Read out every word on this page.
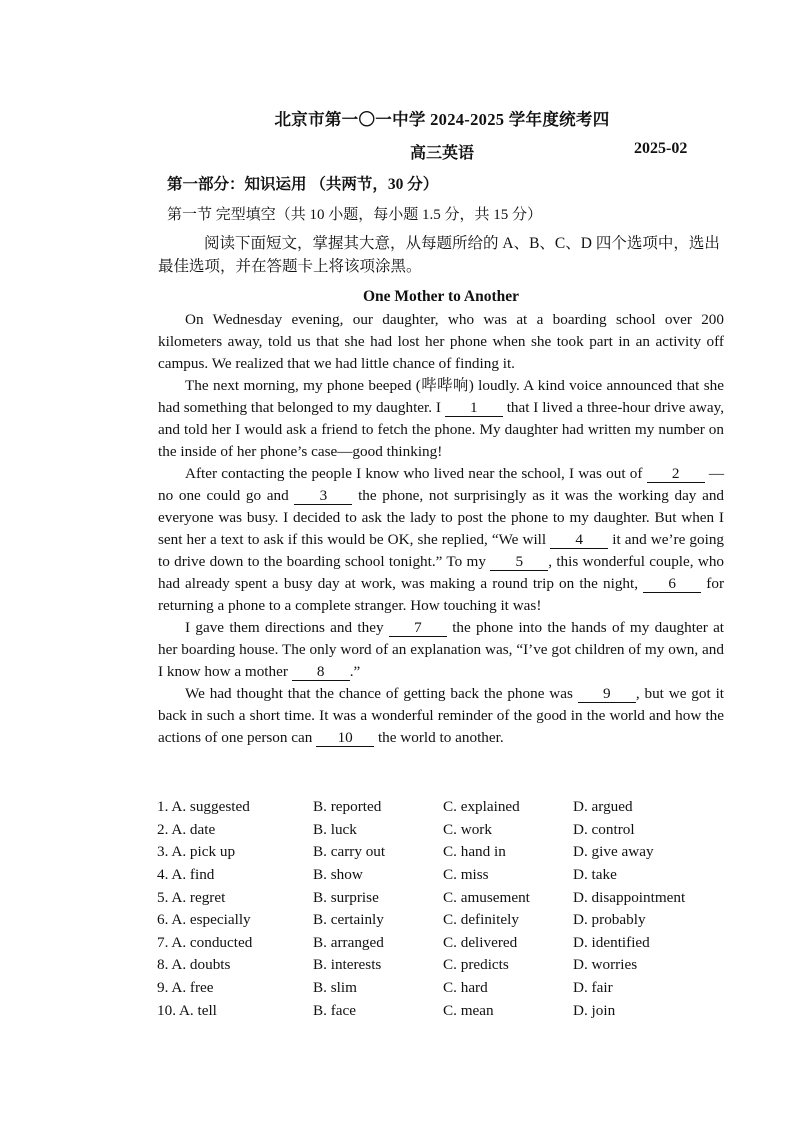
北京市第一〇一中学 2024-2025 学年度统考四
高三英语	2025-02
第一部分：知识运用 （共两节，30 分）
第一节 完型填空（共 10 小题，每小题 1.5 分，共 15 分）
阅读下面短文，掌握其大意，从每题所给的 A、B、C、D 四个选项中，选出最佳选项，并在答题卡上将该项涂黑。
One Mother to Another

On Wednesday evening, our daughter, who was at a boarding school over 200 kilometers away, told us that she had lost her phone when she took part in an activity off campus. We realized that we had little chance of finding it.

The next morning, my phone beeped (哔哔响) loudly. A kind voice announced that she had something that belonged to my daughter. I 1 that I lived a three-hour drive away, and told her I would ask a friend to fetch the phone. My daughter had written my number on the inside of her phone’s case—good thinking!

After contacting the people I know who lived near the school, I was out of 2 —no one could go and 3 the phone, not surprisingly as it was the working day and everyone was busy. I decided to ask the lady to post the phone to my daughter. But when I sent her a text to ask if this would be OK, she replied, “We will 4 it and we’re going to drive down to the boarding school tonight.” To my 5 , this wonderful couple, who had already spent a busy day at work, was making a round trip on the night, 6 for returning a phone to a complete stranger. How touching it was!

I gave them directions and they 7 the phone into the hands of my daughter at her boarding house. The only word of an explanation was, “I’ve got children of my own, and I know how a mother 8 .”

We had thought that the chance of getting back the phone was 9 , but we got it back in such a short time. It was a wonderful reminder of the good in the world and how the actions of one person can 10 the world to another.

1. A. suggested	B. reported	C. explained	D. argued
2. A. date	B. luck	C. work	D. control
3. A. pick up	B. carry out	C. hand in	D. give away
4. A. find	B. show	C. miss	D. take
5. A. regret	B. surprise	C. amusement	D. disappointment
6. A. especially	B. certainly	C. definitely	D. probably
7. A. conducted	B. arranged	C. delivered	D. identified
8. A. doubts	B. interests	C. predicts	D. worries
9. A. free	B. slim	C. hard	D. fair
10. A. tell	B. face	C. mean	D. join
